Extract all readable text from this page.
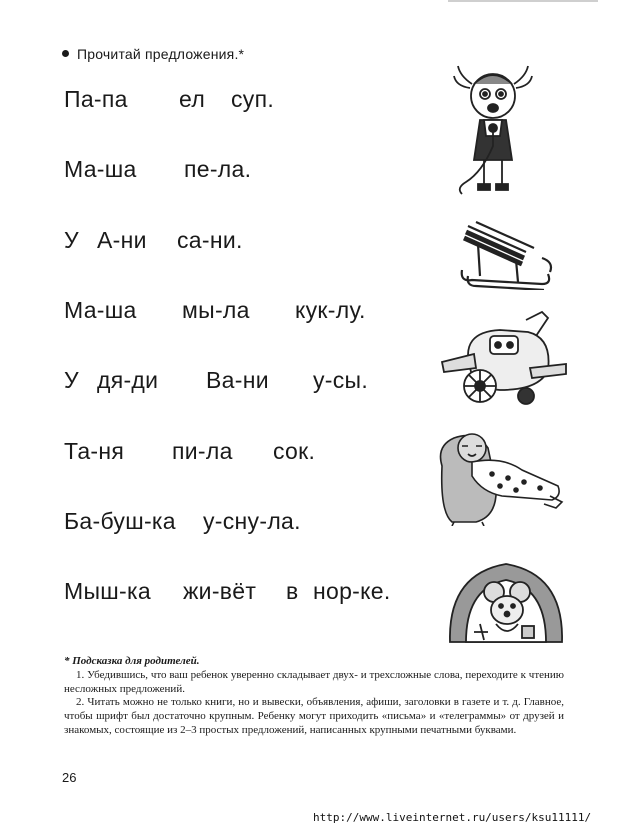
Прочитай предложения.*
Па-па ел суп.
Ма-ша пе-ла.
У А-ни са-ни.
Ма-ша мы-ла кук-лу.
У дя-ди Ва-ни у-сы.
Та-ня пи-ла сок.
Ба-буш-ка у-сну-ла.
Мыш-ка жи-вёт в нор-ке.
* Подсказка для родителей.

1. Убедившись, что ваш ребенок уверенно складывает двух- и трехсложные слова, переходите к чтению несложных предложений.

2. Читать можно не только книги, но и вывески, объявления, афиши, заголовки в газете и т. д. Главное, чтобы шрифт был достаточно крупным. Ребенку могут приходить «письма» и «телеграммы» от друзей и знакомых, состоящие из 2–3 простых предложений, написанных крупными печатными буквами.

26
http://www.liveinternet.ru/users/ksu11111/
